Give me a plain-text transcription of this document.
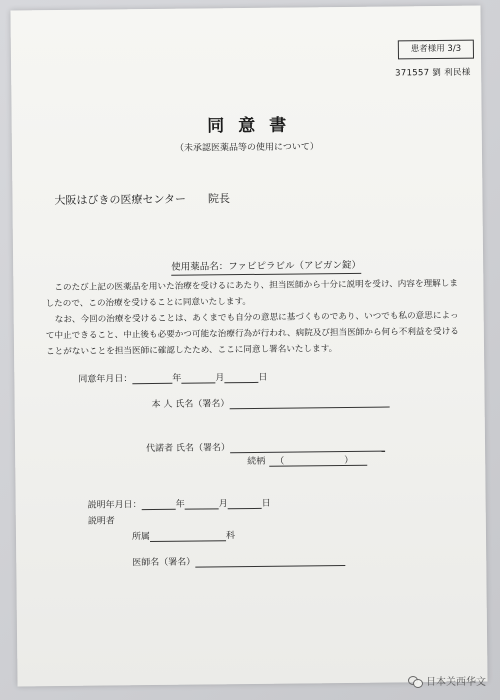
患者様用 3/3
371557 劉 利民様
同意書
（未承認医薬品等の使用について）
大阪はびきの医療センター 院長
使用薬品名：ファビピラビル（アビガン錠）
このたび上記の医薬品を用いた治療を受けるにあたり、担当医師から十分に説明を受け、内容を理解しましたので、この治療を受けることに同意いたします。
なお、今回の治療を受けることは、あくまでも自分の意思に基づくものであり、いつでも私の意思によって中止できること、中止後も必要かつ可能な治療行為が行われ、病院及び担当医師から何ら不利益を受けることがないことを担当医師に確認したため、ここに同意し署名いたします。
同意年月日：	年	月	日
本 人 氏名（署名）
代諾者 氏名（署名）
続柄 （	）
説明年月日：	年	月	日
説明者
所属	科
医師名（署名）
日本关西华文
